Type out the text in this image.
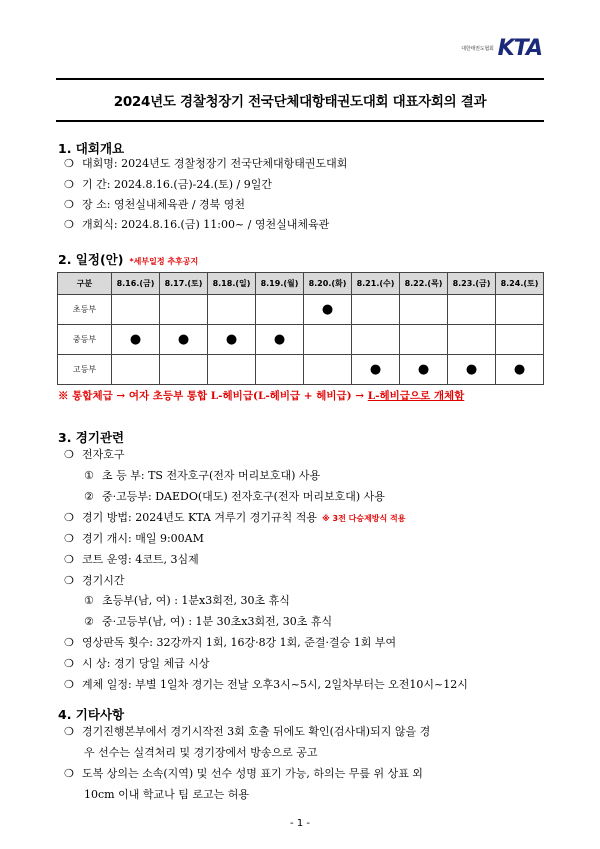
대한태권도협회 KTA
2024년도 경찰청장기 전국단체대항태권도대회 대표자회의 결과
1. 대회개요
❍ 대회명: 2024년도 경찰청장기 전국단체대항태권도대회
❍ 기 간: 2024.8.16.(금)-24.(토) / 9일간
❍ 장 소: 영천실내체육관 / 경북 영천
❍ 개회식: 2024.8.16.(금) 11:00~ / 영천실내체육관
2. 일정(안) *세부일정 추후공지
구분	8.16.(금)	8.17.(토)	8.18.(일)	8.19.(월)	8.20.(화)	8.21.(수)	8.22.(목)	8.23.(금)	8.24.(토)
초등부					●				
중등부	●	●	●	●					
고등부						●	●	●	●
※ 통합체급 → 여자 초등부 통합 L-헤비급(L-헤비급 + 헤비급) → L-헤비급으로 개체함
3. 경기관련
❍ 전자호구
① 초 등 부: TS 전자호구(전자 머리보호대) 사용
② 중·고등부: DAEDO(대도) 전자호구(전자 머리보호대) 사용
❍ 경기 방법: 2024년도 KTA 겨루기 경기규칙 적용 ※ 3전 다승제방식 적용
❍ 경기 개시: 매일 9:00AM
❍ 코트 운영: 4코트, 3심제
❍ 경기시간
① 초등부(남, 여) : 1분x3회전, 30초 휴식
② 중·고등부(남, 여) : 1분 30초x3회전, 30초 휴식
❍ 영상판독 횟수: 32강까지 1회, 16강·8강 1회, 준결·결승 1회 부여
❍ 시 상: 경기 당일 체급 시상
❍ 계체 일정: 부별 1일차 경기는 전날 오후3시~5시, 2일차부터는 오전10시~12시
4. 기타사항
❍ 경기진행본부에서 경기시작전 3회 호출 뒤에도 확인(검사대)되지 않을 경
우 선수는 실격처리 및 경기장에서 방송으로 공고
❍ 도복 상의는 소속(지역) 및 선수 성명 표기 가능, 하의는 무릎 위 상표 외
10cm 이내 학교나 팀 로고는 허용
- 1 -
